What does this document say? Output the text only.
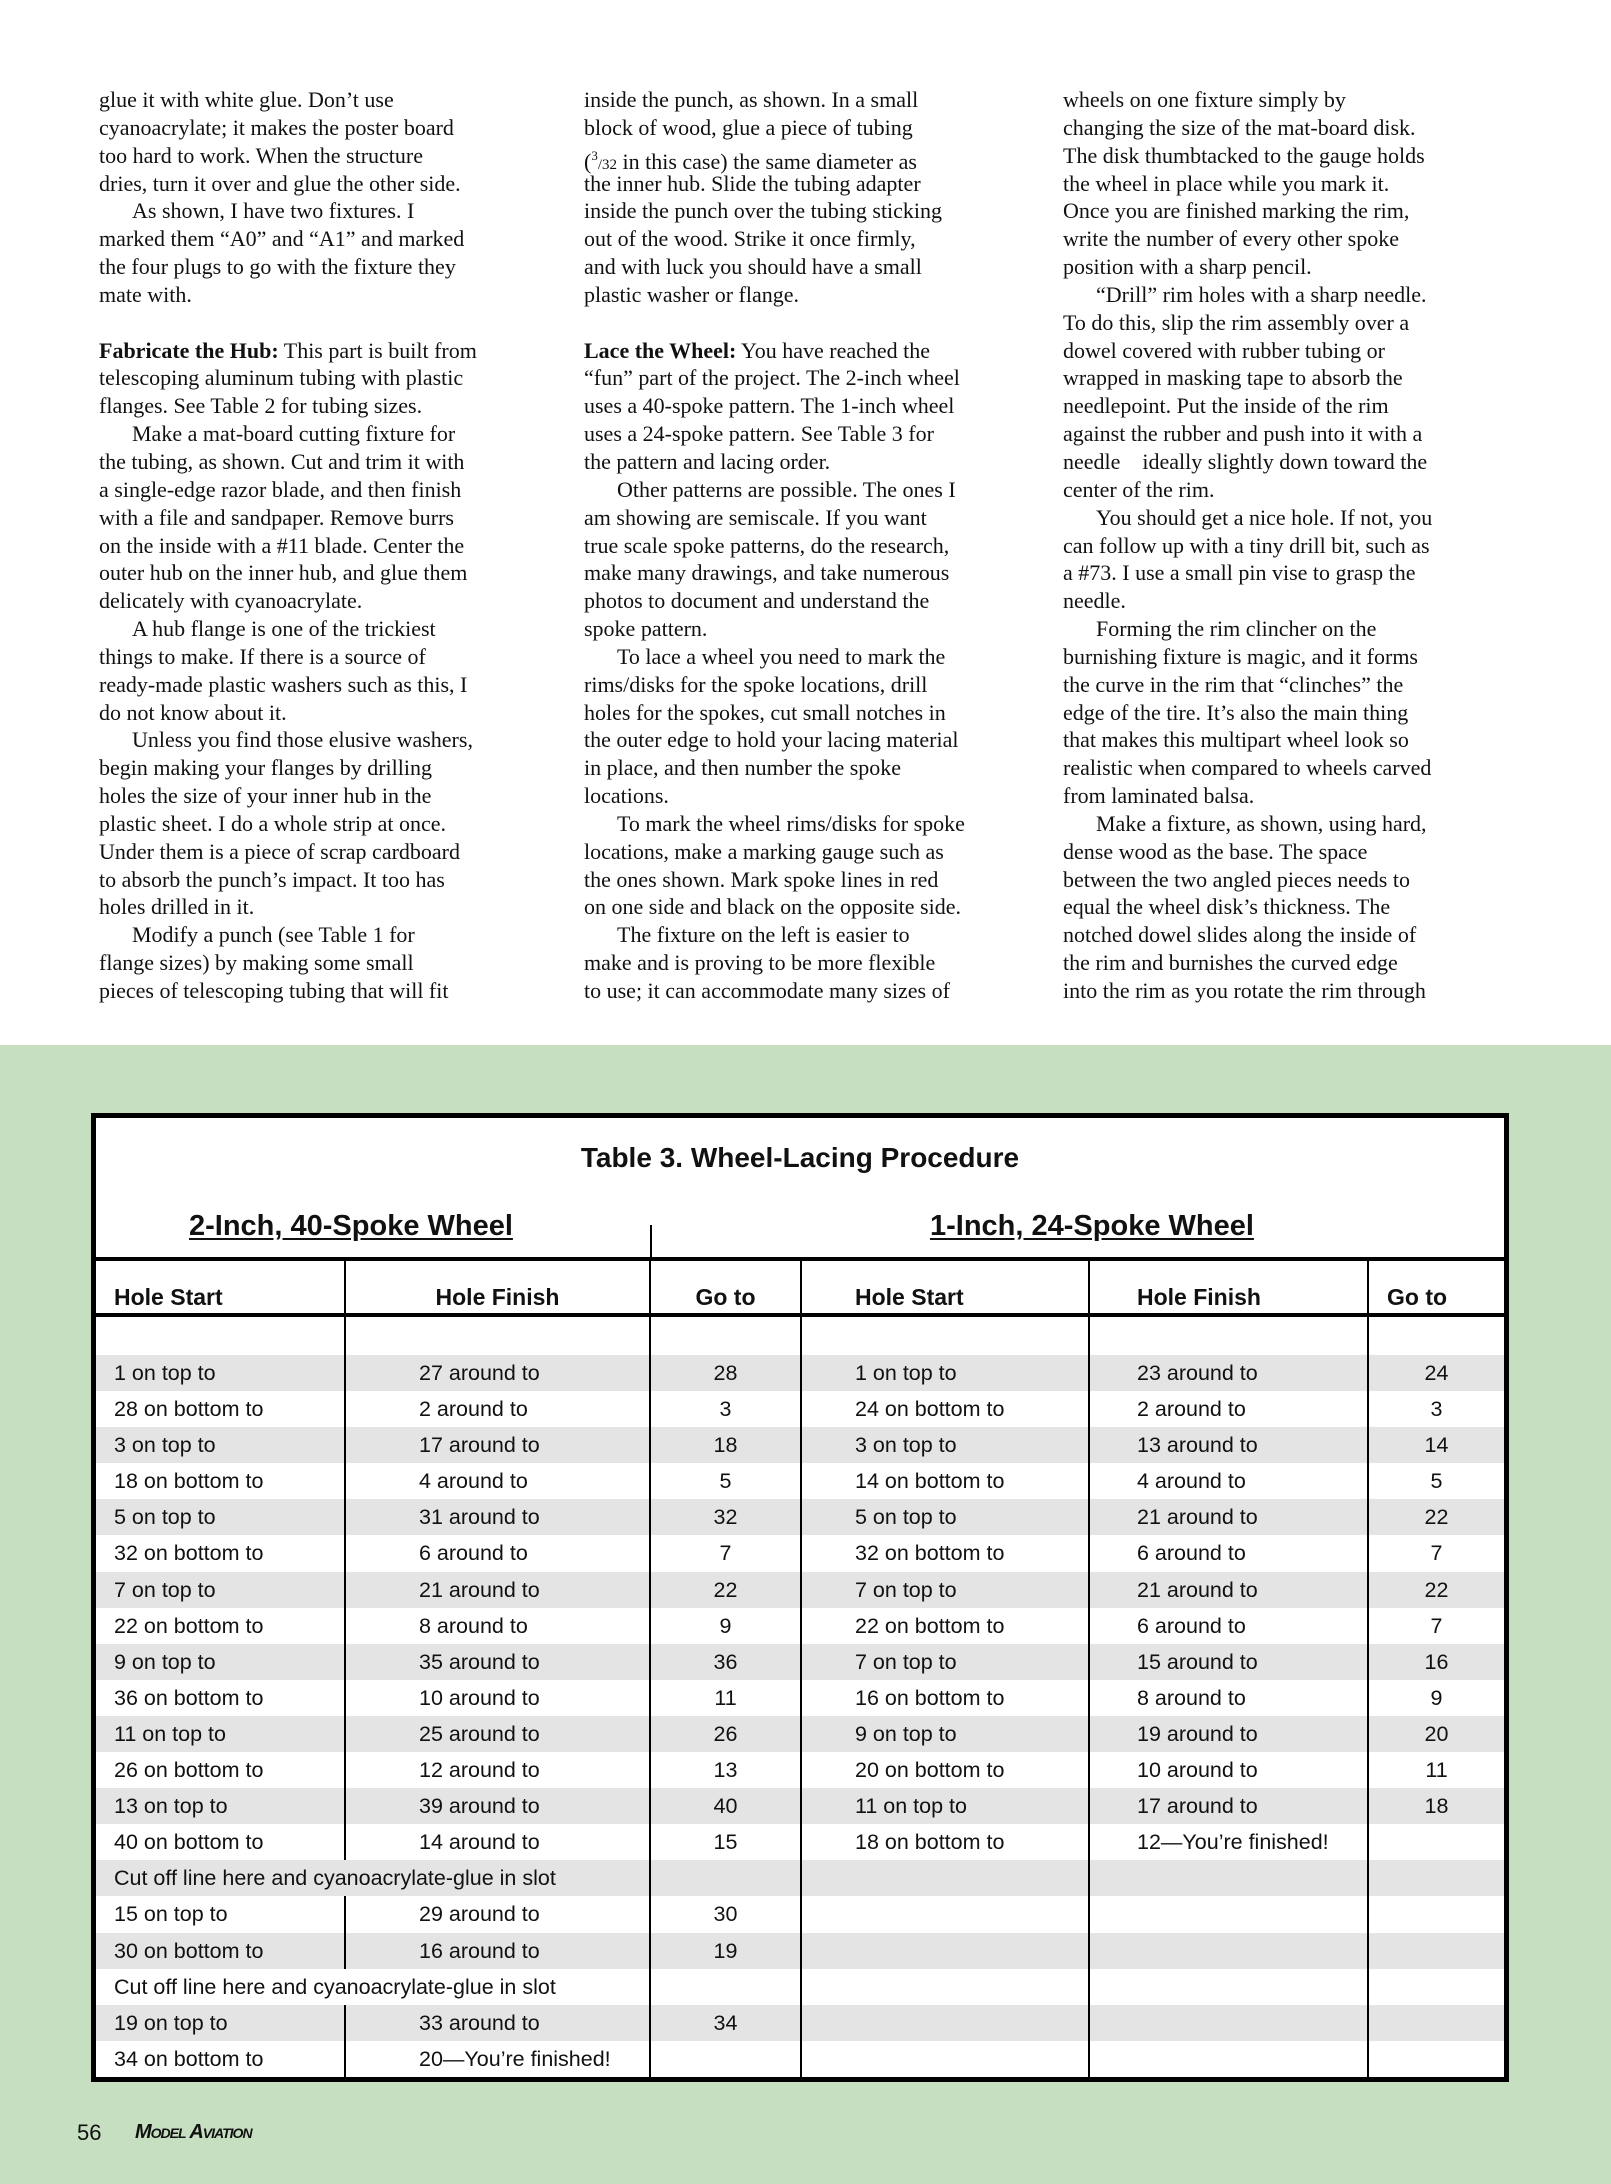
glue it with white glue. Don’t use
cyanoacrylate; it makes the poster board
too hard to work. When the structure
dries, turn it over and glue the other side.
As shown, I have two fixtures. I
marked them “A0” and “A1” and marked
the four plugs to go with the fixture they
mate with.
Fabricate the Hub: This part is built from
telescoping aluminum tubing with plastic
flanges. See Table 2 for tubing sizes.
Make a mat-board cutting fixture for
the tubing, as shown. Cut and trim it with
a single-edge razor blade, and then finish
with a file and sandpaper. Remove burrs
on the inside with a #11 blade. Center the
outer hub on the inner hub, and glue them
delicately with cyanoacrylate.
A hub flange is one of the trickiest
things to make. If there is a source of
ready-made plastic washers such as this, I
do not know about it.
Unless you find those elusive washers,
begin making your flanges by drilling
holes the size of your inner hub in the
plastic sheet. I do a whole strip at once.
Under them is a piece of scrap cardboard
to absorb the punch’s impact. It too has
holes drilled in it.
Modify a punch (see Table 1 for
flange sizes) by making some small
pieces of telescoping tubing that will fit
inside the punch, as shown. In a small
block of wood, glue a piece of tubing
($^3$/32 in this case) the same diameter as
the inner hub. Slide the tubing adapter
inside the punch over the tubing sticking
out of the wood. Strike it once firmly,
and with luck you should have a small
plastic washer or flange.
Lace the Wheel: You have reached the
“fun” part of the project. The 2-inch wheel
uses a 40-spoke pattern. The 1-inch wheel
uses a 24-spoke pattern. See Table 3 for
the pattern and lacing order.
Other patterns are possible. The ones I
am showing are semiscale. If you want
true scale spoke patterns, do the research,
make many drawings, and take numerous
photos to document and understand the
spoke pattern.
To lace a wheel you need to mark the
rims/disks for the spoke locations, drill
holes for the spokes, cut small notches in
the outer edge to hold your lacing material
in place, and then number the spoke
locations.
To mark the wheel rims/disks for spoke
locations, make a marking gauge such as
the ones shown. Mark spoke lines in red
on one side and black on the opposite side.
The fixture on the left is easier to
make and is proving to be more flexible
to use; it can accommodate many sizes of
wheels on one fixture simply by
changing the size of the mat-board disk.
The disk thumbtacked to the gauge holds
the wheel in place while you mark it.
Once you are finished marking the rim,
write the number of every other spoke
position with a sharp pencil.
“Drill” rim holes with a sharp needle.
To do this, slip the rim assembly over a
dowel covered with rubber tubing or
wrapped in masking tape to absorb the
needlepoint. Put the inside of the rim
against the rubber and push into it with a
needle    ideally slightly down toward the
center of the rim.
You should get a nice hole. If not, you
can follow up with a tiny drill bit, such as
a #73. I use a small pin vise to grasp the
needle.
Forming the rim clincher on the
burnishing fixture is magic, and it forms
the curve in the rim that “clinches” the
edge of the tire. It’s also the main thing
that makes this multipart wheel look so
realistic when compared to wheels carved
from laminated balsa.
Make a fixture, as shown, using hard,
dense wood as the base. The space
between the two angled pieces needs to
equal the wheel disk’s thickness. The
notched dowel slides along the inside of
the rim and burnishes the curved edge
into the rim as you rotate the rim through
Table 3. Wheel-Lacing Procedure
2-Inch, 40-Spoke Wheel	1-Inch, 24-Spoke Wheel
Hole Start	Hole Finish	Go to	Hole Start	Hole Finish	Go to
1 on top to	27 around to	28	1 on top to	23 around to	24
28 on bottom to	2 around to	3	24 on bottom to	2 around to	3
3 on top to	17 around to	18	3 on top to	13 around to	14
18 on bottom to	4 around to	5	14 on bottom to	4 around to	5
5 on top to	31 around to	32	5 on top to	21 around to	22
32 on bottom to	6 around to	7	32 on bottom to	6 around to	7
7 on top to	21 around to	22	7 on top to	21 around to	22
22 on bottom to	8 around to	9	22 on bottom to	6 around to	7
9 on top to	35 around to	36	7 on top to	15 around to	16
36 on bottom to	10 around to	11	16 on bottom to	8 around to	9
11 on top to	25 around to	26	9 on top to	19 around to	20
26 on bottom to	12 around to	13	20 on bottom to	10 around to	11
13 on top to	39 around to	40	11 on top to	17 around to	18
40 on bottom to	14 around to	15	18 on bottom to	12—You’re finished!
Cut off line here and cyanoacrylate-glue in slot
15 on top to	29 around to	30
30 on bottom to	16 around to	19
Cut off line here and cyanoacrylate-glue in slot
19 on top to	33 around to	34
34 on bottom to	20—You’re finished!
56 Model Aviation
